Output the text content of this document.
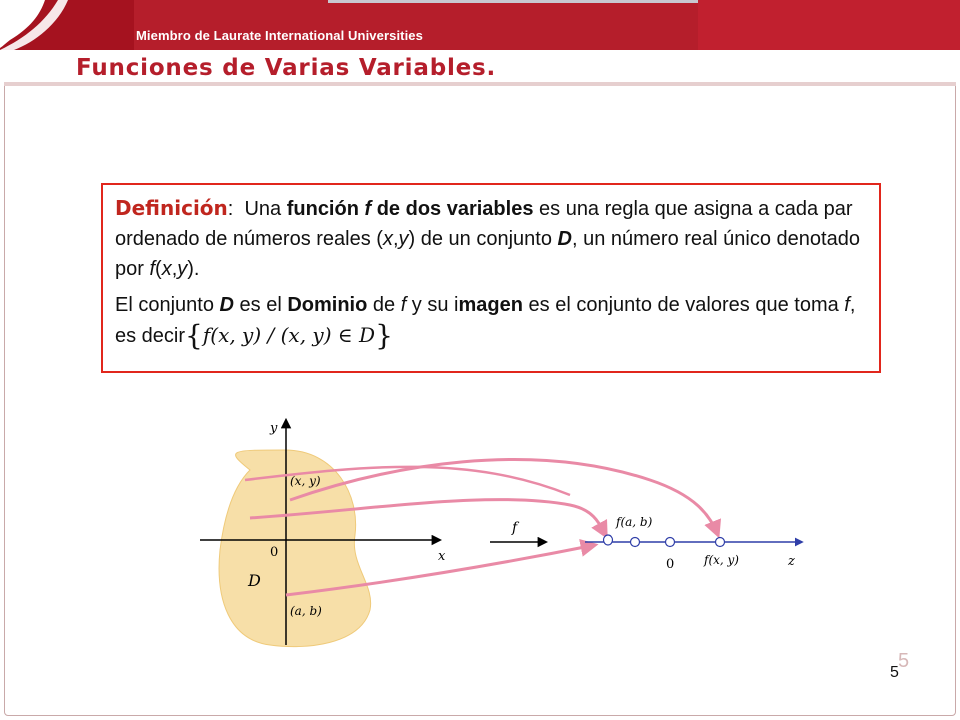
Miembro de Laurate International Universities
Funciones de Varias Variables.

Definición: Una función f de dos variables es una regla que asigna a cada par ordenado de números reales (x,y) de un conjunto D, un número real único denotado por f(x,y).

El conjunto D es el Dominio de f y su imagen es el conjunto de valores que toma f, es decir{f(x, y) / (x, y) ∈ D}

y
x
0
D
(x, y)
(a, b)
f
z
f(a, b)
0 f(x, y)
5
5
